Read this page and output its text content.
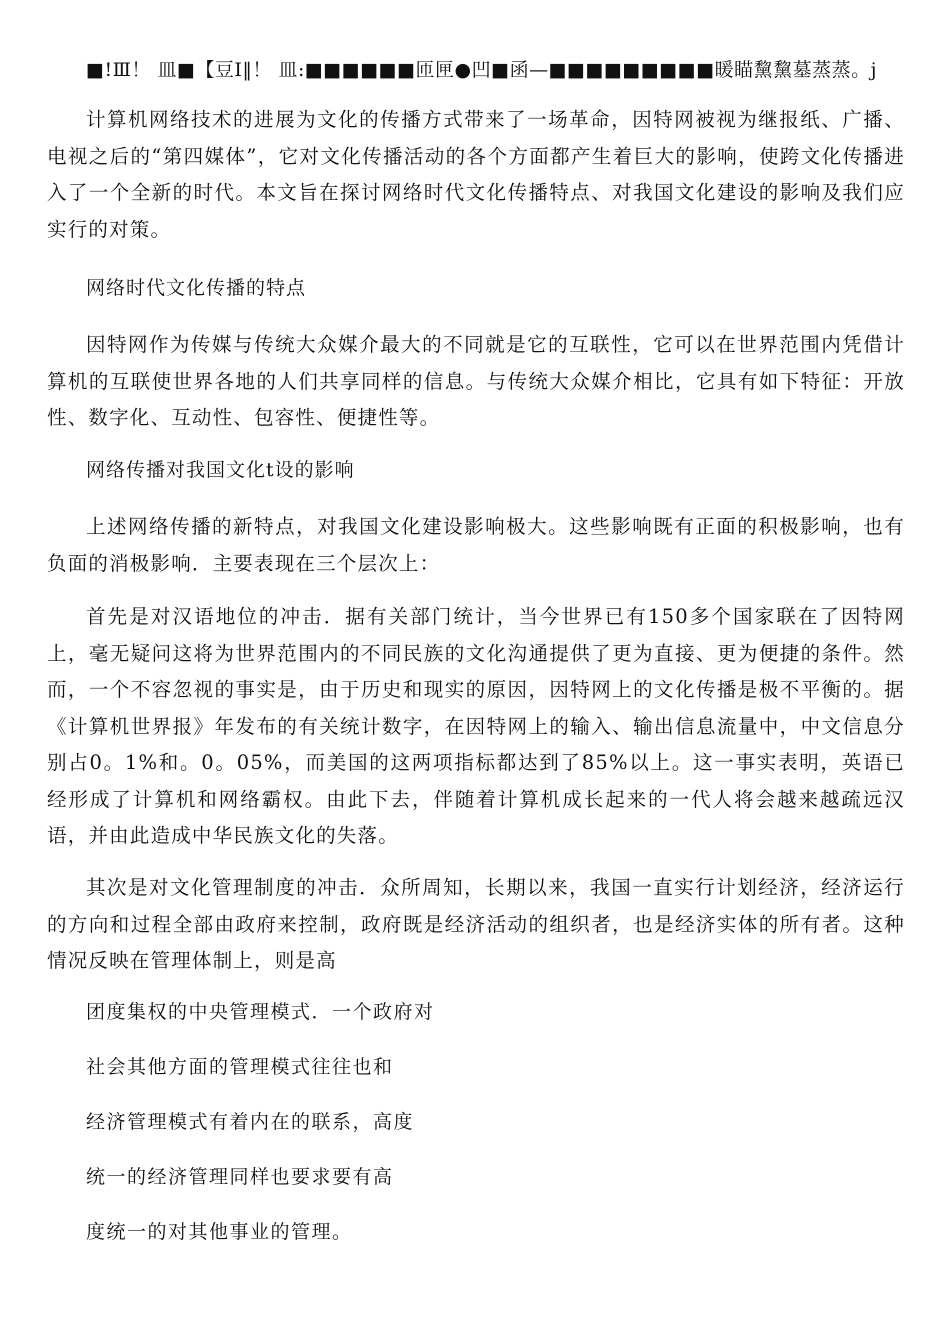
■!Ⅲ！ 皿■【豆Ⅰ‖！ 皿:■■■■■■匝匣●凹■函—■■■■■■■■■暖瞄黧黧墓蒸蒸。j

计算机网络技术的进展为文化的传播方式带来了一场革命，因特网被视为继报纸、广播、电视之后的“第四媒体”，它对文化传播活动的各个方面都产生着巨大的影响，使跨文化传播进入了一个全新的时代。本文旨在探讨网络时代文化传播特点、对我国文化建设的影响及我们应实行的对策。

网络时代文化传播的特点

因特网作为传媒与传统大众媒介最大的不同就是它的互联性，它可以在世界范围内凭借计算机的互联使世界各地的人们共享同样的信息。与传统大众媒介相比，它具有如下特征：开放性、数字化、互动性、包容性、便捷性等。

网络传播对我国文化t设的影响

上述网络传播的新特点，对我国文化建设影响极大。这些影响既有正面的积极影响，也有负面的消极影响．主要表现在三个层次上：

首先是对汉语地位的冲击．据有关部门统计，当今世界已有150多个国家联在了因特网上，毫无疑问这将为世界范围内的不同民族的文化沟通提供了更为直接、更为便捷的条件。然而，一个不容忽视的事实是，由于历史和现实的原因，因特网上的文化传播是极不平衡的。据《计算机世界报》年发布的有关统计数字，在因特网上的输入、输出信息流量中，中文信息分别占0。1%和。0。05%，而美国的这两项指标都达到了85%以上。这一事实表明，英语已经形成了计算机和网络霸权。由此下去，伴随着计算机成长起来的一代人将会越来越疏远汉语，并由此造成中华民族文化的失落。

其次是对文化管理制度的冲击．众所周知，长期以来，我国一直实行计划经济，经济运行的方向和过程全部由政府来控制，政府既是经济活动的组织者，也是经济实体的所有者。这种情况反映在管理体制上，则是高

团度集权的中央管理模式．一个政府对

社会其他方面的管理模式往往也和

经济管理模式有着内在的联系，高度

统一的经济管理同样也要求要有高

度统一的对其他事业的管理。
